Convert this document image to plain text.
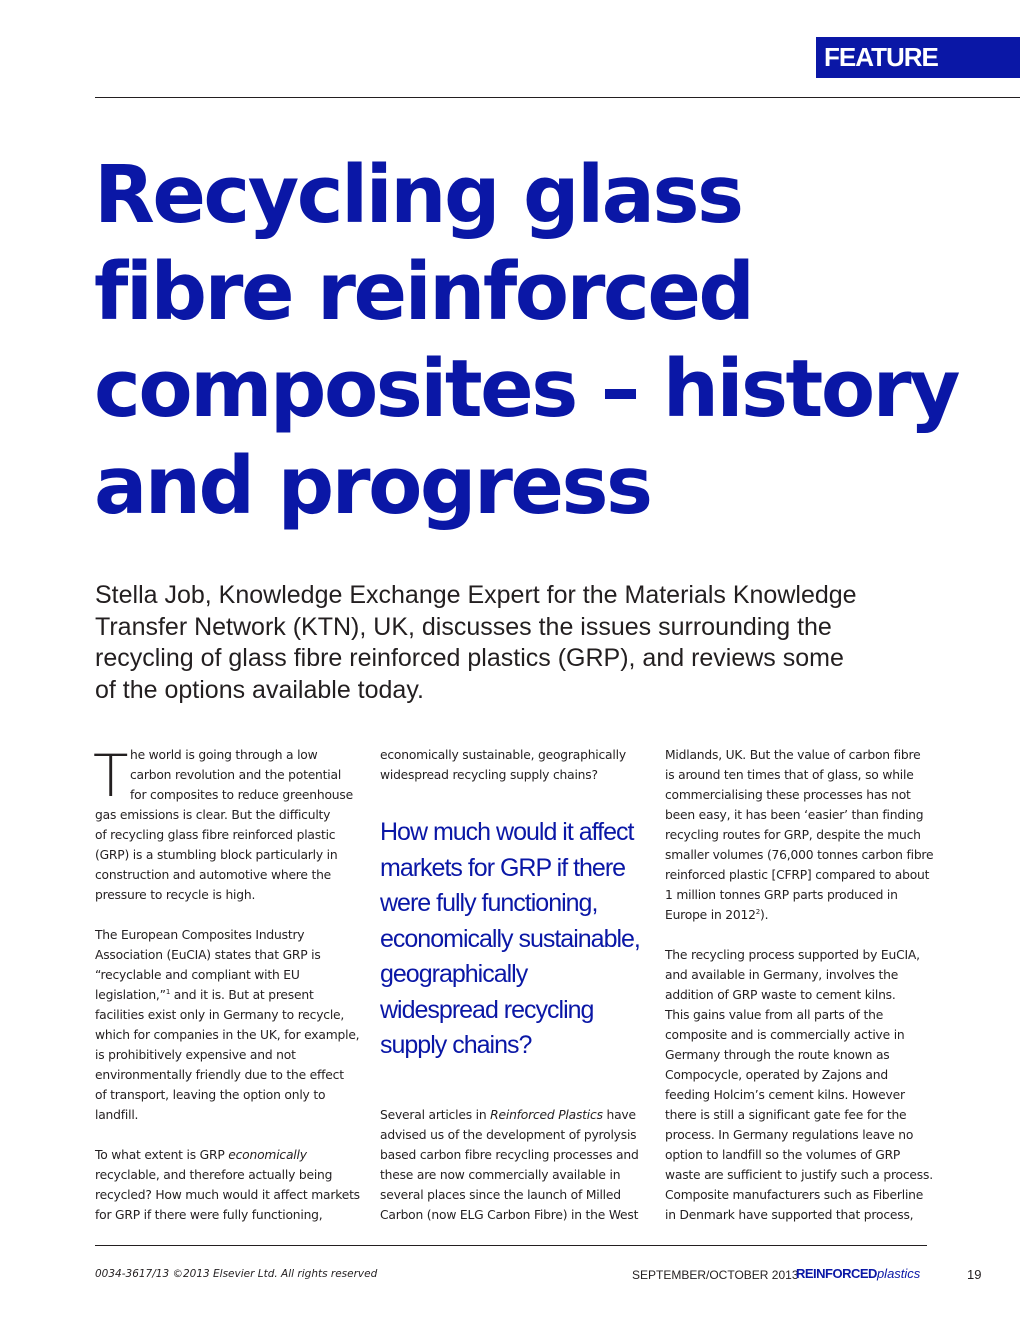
FEATURE
Recycling glass
fibre reinforced
composites – history
and progress

Stella Job, Knowledge Exchange Expert for the Materials Knowledge
Transfer Network (KTN), UK, discusses the issues surrounding the
recycling of glass fibre reinforced plastics (GRP), and reviews some
of the options available today.

T he world is going through a low
carbon revolution and the potential
for composites to reduce greenhouse
gas emissions is clear. But the difficulty
of recycling glass fibre reinforced plastic
(GRP) is a stumbling block particularly in
construction and automotive where the
pressure to recycle is high.

The European Composites Industry
Association (EuCIA) states that GRP is
“recyclable and compliant with EU
legislation,”$^1$ and it is. But at present
facilities exist only in Germany to recycle,
which for companies in the UK, for example,
is prohibitively expensive and not
environmentally friendly due to the effect
of transport, leaving the option only to
landfill.

To what extent is GRP economically
recyclable, and therefore actually being
recycled? How much would it affect markets
for GRP if there were fully functioning,

economically sustainable, geographically
widespread recycling supply chains?

How much would it affect
markets for GRP if there
were fully functioning,
economically sustainable,
geographically
widespread recycling
supply chains?

Several articles in Reinforced Plastics have
advised us of the development of pyrolysis
based carbon fibre recycling processes and
these are now commercially available in
several places since the launch of Milled
Carbon (now ELG Carbon Fibre) in the West

Midlands, UK. But the value of carbon fibre
is around ten times that of glass, so while
commercialising these processes has not
been easy, it has been ‘easier’ than finding
recycling routes for GRP, despite the much
smaller volumes (76,000 tonnes carbon fibre
reinforced plastic [CFRP] compared to about
1 million tonnes GRP parts produced in
Europe in 2012$^2$).

The recycling process supported by EuCIA,
and available in Germany, involves the
addition of GRP waste to cement kilns.
This gains value from all parts of the
composite and is commercially active in
Germany through the route known as
Compocycle, operated by Zajons and
feeding Holcim’s cement kilns. However
there is still a significant gate fee for the
process. In Germany regulations leave no
option to landfill so the volumes of GRP
waste are sufficient to justify such a process.
Composite manufacturers such as Fiberline
in Denmark have supported that process,

0034-3617/13 ©2013 Elsevier Ltd. All rights reserved	SEPTEMBER/OCTOBER 2013
REINFORCEDplastics	19
